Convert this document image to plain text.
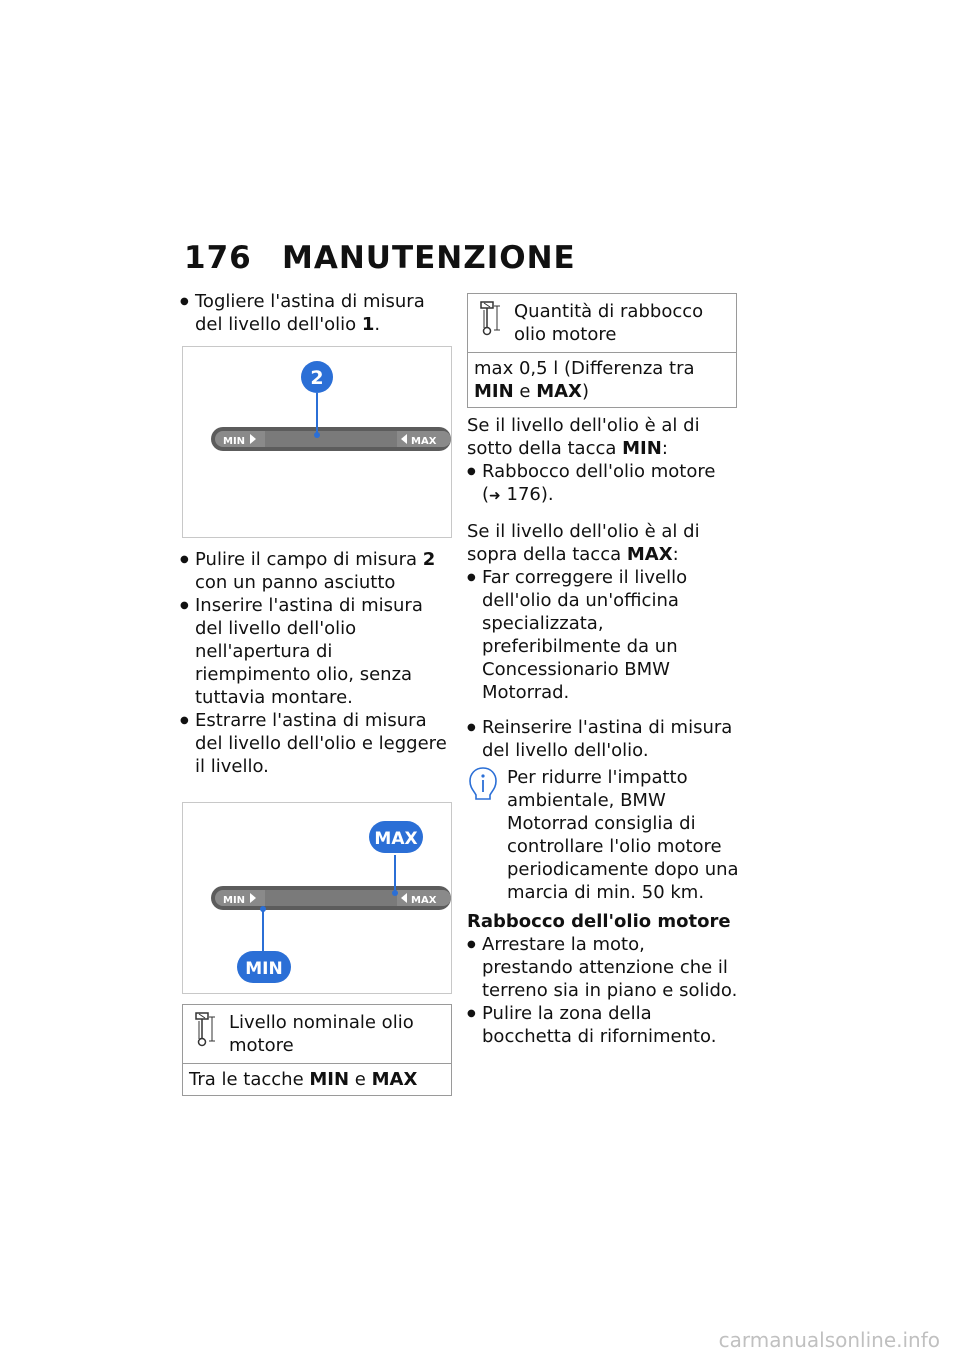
176 MANUTENZIONE
● Togliere l'astina di misura del livello dell'olio 1.
MIN	MAX
2
● Pulire il campo di misura 2 con un panno asciutto
● Inserire l'astina di misura del livello dell'olio nell'apertura di riempimento olio, senza tuttavia montare.
● Estrarre l'astina di misura del livello dell'olio e leggere il livello.
MIN	MAX
MAX
MIN
Livello nominale olio motore
Tra le tacche MIN e MAX
Quantità di rabbocco olio motore
max 0,5 l (Differenza tra MIN e MAX)
Se il livello dell'olio è al di sotto della tacca MIN:
● Rabbocco dell'olio motore (➜ 176).
Se il livello dell'olio è al di sopra della tacca MAX:
● Far correggere il livello dell'olio da un'officina specializzata, preferibilmente da un Concessionario BMW Motorrad.
● Reinserire l'astina di misura del livello dell'olio.
Per ridurre l'impatto ambientale, BMW Motorrad consiglia di controllare l'olio motore periodicamente dopo una marcia di min. 50 km.
Rabbocco dell'olio motore
● Arrestare la moto, prestando attenzione che il terreno sia in piano e solido.
● Pulire la zona della bocchetta di rifornimento.
carmanualsonline.info
